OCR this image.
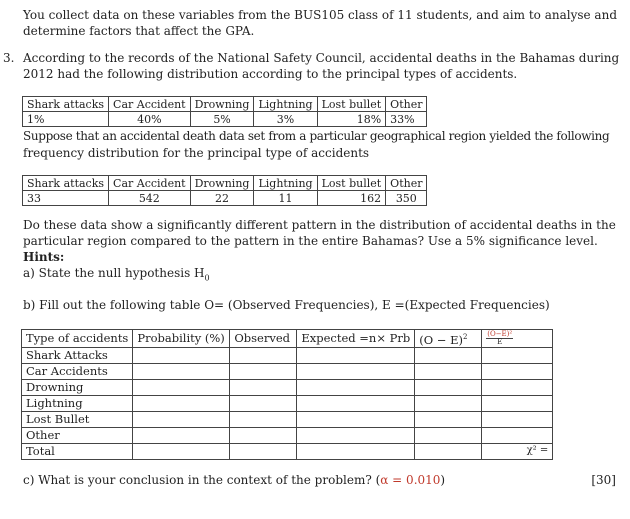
You collect data on these variables from the BUS105 class of 11 students, and aim to analyse and
determine factors that affect the GPA.
3. According to the records of the National Safety Council, accidental deaths in the Bahamas during
2012 had the following distribution according to the principal types of accidents.
Shark attacks	Car Accident	Drowning	Lightning	Lost bullet	Other
1%	40%	5%	3%	18%	33%
Suppose that an accidental death data set from a particular geographical region yielded the following
frequency distribution for the principal type of accidents
Shark attacks	Car Accident	Drowning	Lightning	Lost bullet	Other
33	542	22	11	162	350
Do these data show a significantly different pattern in the distribution of accidental deaths in the
particular region compared to the pattern in the entire Bahamas? Use a 5% significance level.
Hints:
a) State the null hypothesis $H_0$
b) Fill out the following table O= (Observed Frequencies), E =(Expected Frequencies)
Type of accidents	Probability (%)	Observed	Expected =n× Prb	$(O - E)^2$	$\frac{\text{(O−E)²}}{E}$

Shark Attacks					
Car Accidents					
Drowning					
Lightning					
Lost Bullet					
Other					
Total					χ² =
c) What is your conclusion in the context of the problem? (α = 0.010)	[30]
